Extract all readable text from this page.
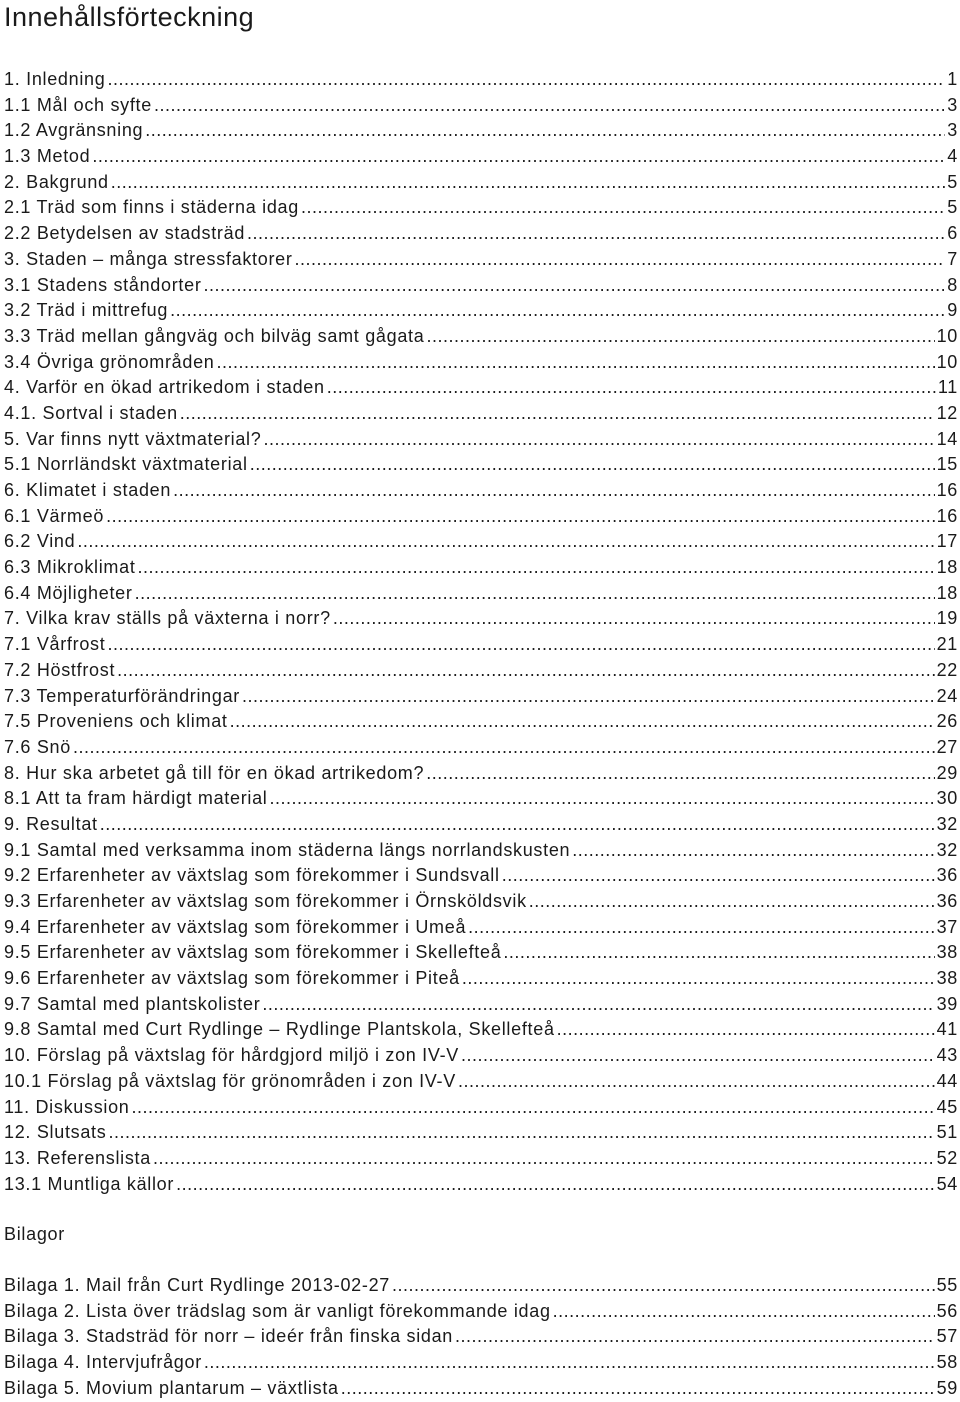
Innehållsförteckning
1. Inledning .....	1
1.1 Mål och syfte .....	3
1.2 Avgränsning .....	3
1.3 Metod .....	4
2. Bakgrund .....	5
2.1 Träd som finns i städerna idag .....	5
2.2 Betydelsen av stadsträd .....	6
3. Staden – många stressfaktorer .....	7
3.1 Stadens ståndorter .....	8
3.2 Träd i mittrefug .....	9
3.3 Träd mellan gångväg och bilväg samt gågata .....	10
3.4 Övriga grönområden .....	10
4. Varför en ökad artrikedom i staden .....	11
4.1. Sortval i staden .....	12
5. Var finns nytt växtmaterial? .....	14
5.1 Norrländskt växtmaterial .....	15
6. Klimatet i staden .....	16
6.1 Värmeö .....	16
6.2 Vind .....	17
6.3 Mikroklimat .....	18
6.4 Möjligheter .....	18
7. Vilka krav ställs på växterna i norr? .....	19
7.1 Vårfrost .....	21
7.2 Höstfrost .....	22
7.3 Temperaturförändringar .....	24
7.5 Proveniens och klimat .....	26
7.6 Snö .....	27
8. Hur ska arbetet gå till för en ökad artrikedom? .....	29
8.1 Att ta fram härdigt material .....	30
9. Resultat .....	32
9.1 Samtal med verksamma inom städerna längs norrlandskusten .....	32
9.2 Erfarenheter av växtslag som förekommer i Sundsvall .....	36
9.3 Erfarenheter av växtslag som förekommer i Örnsköldsvik .....	36
9.4 Erfarenheter av växtslag som förekommer i Umeå .....	37
9.5 Erfarenheter av växtslag som förekommer i Skellefteå .....	38
9.6 Erfarenheter av växtslag som förekommer i Piteå .....	38
9.7 Samtal med plantskolister .....	39
9.8 Samtal med Curt Rydlinge – Rydlinge Plantskola, Skellefteå .....	41
10. Förslag på växtslag för hårdgjord miljö i zon IV-V .....	43
10.1 Förslag på växtslag för grönområden i zon IV-V .....	44
11. Diskussion .....	45
12. Slutsats .....	51
13. Referenslista .....	52
13.1 Muntliga källor .....	54
Bilagor
Bilaga 1. Mail från Curt Rydlinge 2013-02-27 .....	55
Bilaga 2. Lista över trädslag som är vanligt förekommande idag .....	56
Bilaga 3. Stadsträd för norr – ideér från finska sidan .....	57
Bilaga 4. Intervjufrågor .....	58
Bilaga 5. Movium plantarum – växtlista .....	59
